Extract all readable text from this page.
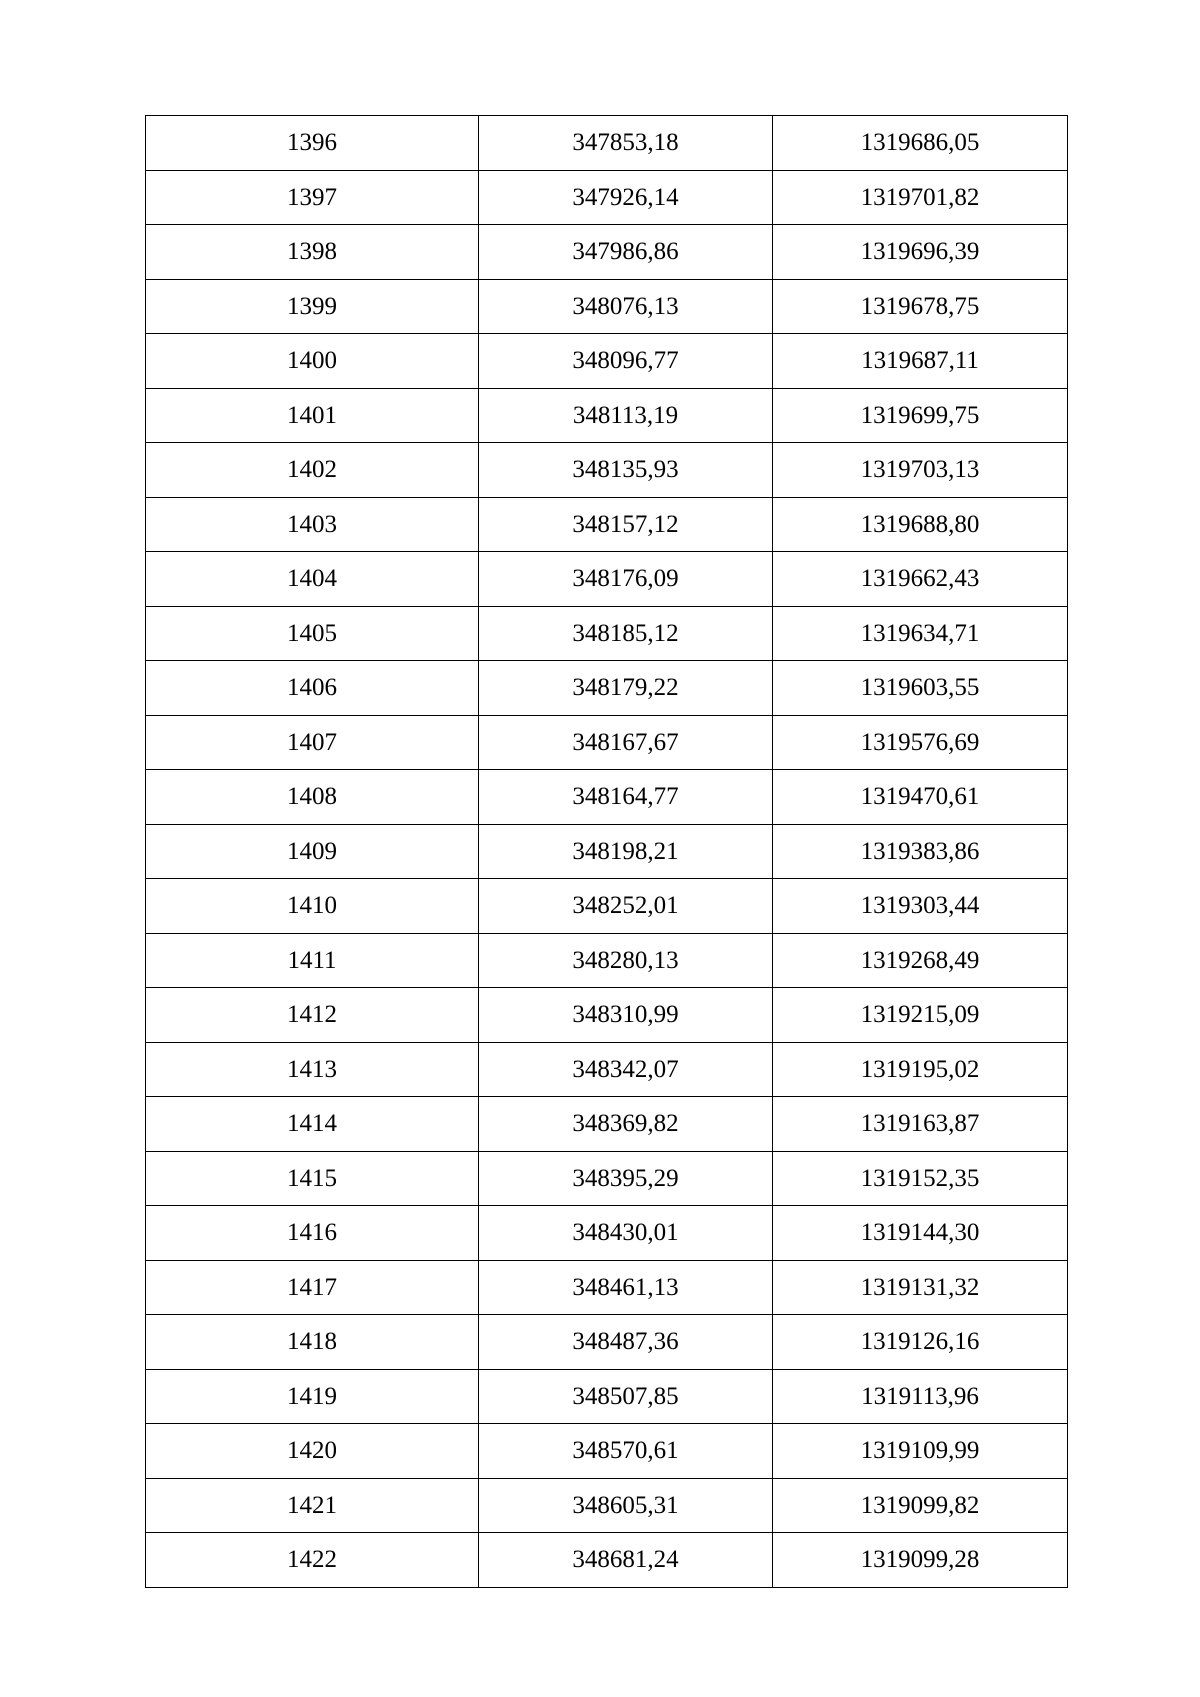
1396	347853,18	1319686,05
1397	347926,14	1319701,82
1398	347986,86	1319696,39
1399	348076,13	1319678,75
1400	348096,77	1319687,11
1401	348113,19	1319699,75
1402	348135,93	1319703,13
1403	348157,12	1319688,80
1404	348176,09	1319662,43
1405	348185,12	1319634,71
1406	348179,22	1319603,55
1407	348167,67	1319576,69
1408	348164,77	1319470,61
1409	348198,21	1319383,86
1410	348252,01	1319303,44
1411	348280,13	1319268,49
1412	348310,99	1319215,09
1413	348342,07	1319195,02
1414	348369,82	1319163,87
1415	348395,29	1319152,35
1416	348430,01	1319144,30
1417	348461,13	1319131,32
1418	348487,36	1319126,16
1419	348507,85	1319113,96
1420	348570,61	1319109,99
1421	348605,31	1319099,82
1422	348681,24	1319099,28
